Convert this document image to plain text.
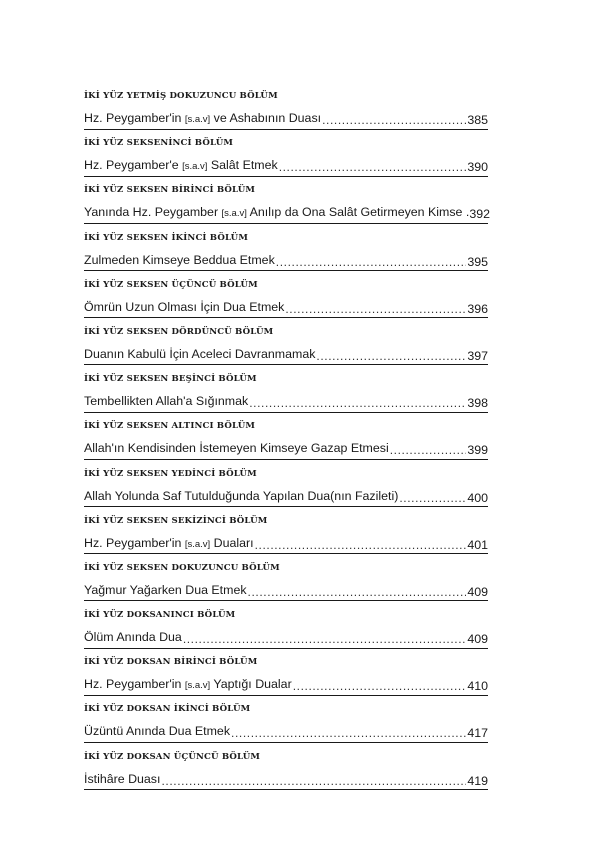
İKİ YÜZ YETMİŞ DOKUZUNCU BÖLÜM
Hz. Peygamber'in [s.a.v] ve Ashabının Duası .....	385
İKİ YÜZ SEKSENİNCİ BÖLÜM
Hz. Peygamber'e [s.a.v] Salât Etmek .....	390
İKİ YÜZ SEKSEN BİRİNCİ BÖLÜM
Yanında Hz. Peygamber [s.a.v] Anılıp da Ona Salât Getirmeyen Kimse . 392
İKİ YÜZ SEKSEN İKİNCİ BÖLÜM
Zulmeden Kimseye Beddua Etmek .....	395
İKİ YÜZ SEKSEN ÜÇÜNCÜ BÖLÜM
Ömrün Uzun Olması İçin Dua Etmek .....	396
İKİ YÜZ SEKSEN DÖRDÜNCÜ BÖLÜM
Duanın Kabulü İçin Aceleci Davranmamak .....	397
İKİ YÜZ SEKSEN BEŞİNCİ BÖLÜM
Tembellikten Allah'a Sığınmak .....	398
İKİ YÜZ SEKSEN ALTINCI BÖLÜM
Allah'ın Kendisinden İstemeyen Kimseye Gazap Etmesi .....	399
İKİ YÜZ SEKSEN YEDİNCİ BÖLÜM
Allah Yolunda Saf Tutulduğunda Yapılan Dua(nın Fazileti) .....	400
İKİ YÜZ SEKSEN SEKİZİNCİ BÖLÜM
Hz. Peygamber'in [s.a.v] Duaları .....	401
İKİ YÜZ SEKSEN DOKUZUNCU BÖLÜM
Yağmur Yağarken Dua Etmek .....	409
İKİ YÜZ DOKSANINCI BÖLÜM
Ölüm Anında Dua .....	409
İKİ YÜZ DOKSAN BİRİNCİ BÖLÜM
Hz. Peygamber'in [s.a.v] Yaptığı Dualar .....	410
İKİ YÜZ DOKSAN İKİNCİ BÖLÜM
Üzüntü Anında Dua Etmek .....	417
İKİ YÜZ DOKSAN ÜÇÜNCÜ BÖLÜM
İstihâre Duası .....	419
